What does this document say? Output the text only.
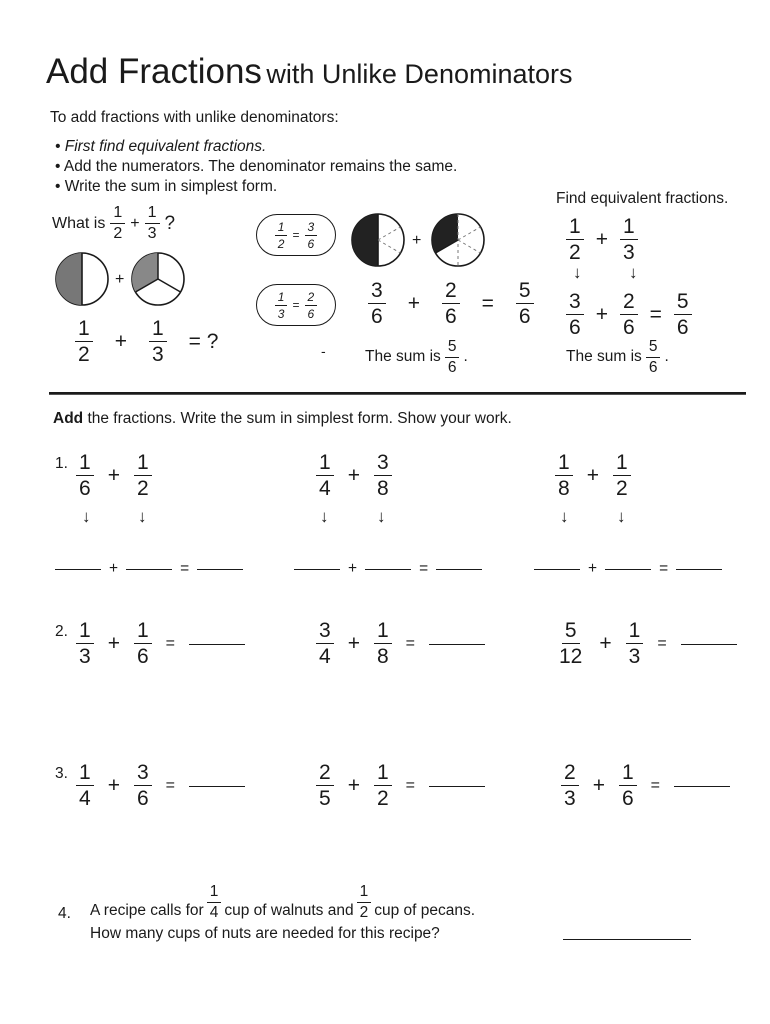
Add Fractions with Unlike Denominators
To add fractions with unlike denominators:
• First find equivalent fractions.
• Add the numerators. The denominator remains the same.
• Write the sum in simplest form.
Find equivalent fractions.
What is $\frac{1}{2} + \frac{1}{3}$ ?
+
$\frac{1}{2} + \frac{1}{3}$ = ?
$\frac{1}{2} = \frac{3}{6}$
$\frac{1}{3} = \frac{2}{6}$
+
$\frac{3}{6} + \frac{2}{6} = \frac{5}{6}$
-	The sum is $\frac{5}{6}$ .
$\frac{1}{2} + \frac{1}{3}$
↓	↓
$\frac{3}{6} + \frac{2}{6} = \frac{5}{6}$
The sum is $\frac{5}{6}$ .
Add the fractions. Write the sum in simplest form. Show your work.
1. $\frac{1}{6} + \frac{1}{2}$	$\frac{1}{4} + \frac{3}{8}$	$\frac{1}{8} + \frac{1}{2}$
↓	↓	↓	↓	↓	↓
+	=	+	=	+	=
2. $\frac{1}{3} + \frac{1}{6}$ =	$\frac{3}{4} + \frac{1}{8}$ =	$\frac{5}{12} + \frac{1}{3}$ =
3. $\frac{1}{4} + \frac{3}{6}$ =	$\frac{2}{5} + \frac{1}{2}$ =	$\frac{2}{3} + \frac{1}{6}$ =
4. A recipe calls for $\frac{1}{4}$ cup of walnuts and $\frac{1}{2}$ cup of pecans.
How many cups of nuts are needed for this recipe?
